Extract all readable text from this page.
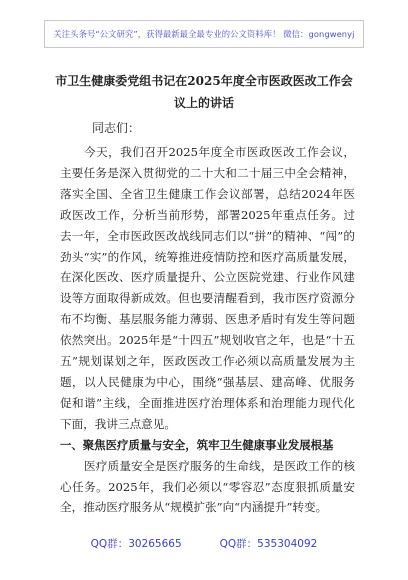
关注头条号“公文研究”，获得最新最全最专业的公文资料库！ 微信：gongwenyj
市卫生健康委党组书记在2025年度全市医政医改工作会议上的讲话
同志们：

今天，我们召开2025年度全市医政医改工作会议，主要任务是深入贯彻党的二十大和二十届三中全会精神，落实全国、全省卫生健康工作会议部署，总结2024年医政医改工作，分析当前形势，部署2025年重点任务。过去一年，全市医政医改战线同志们以“拼”的精神、“闯”的劲头“实”的作风，统筹推进疫情防控和医疗高质量发展，在深化医改、医疗质量提升、公立医院党建、行业作风建设等方面取得新成效。但也要清醒看到，我市医疗资源分布不均衡、基层服务能力薄弱、医患矛盾时有发生等问题依然突出。2025年是“十四五”规划收官之年，也是“十五五”规划谋划之年，医政医改工作必须以高质量发展为主题，以人民健康为中心，围绕“强基层、建高峰、优服务促和谐”主线，全面推进医疗治理体系和治理能力现代化下面，我讲三点意见。

一、聚焦医疗质量与安全，筑牢卫生健康事业发展根基

医疗质量安全是医疗服务的生命线，是医政工作的核心任务。2025年，我们必须以“零容忍”态度狠抓质量安全，推动医疗服务从“规模扩张”向“内涵提升”转变。

QQ群：30265665	QQ群：535304092
